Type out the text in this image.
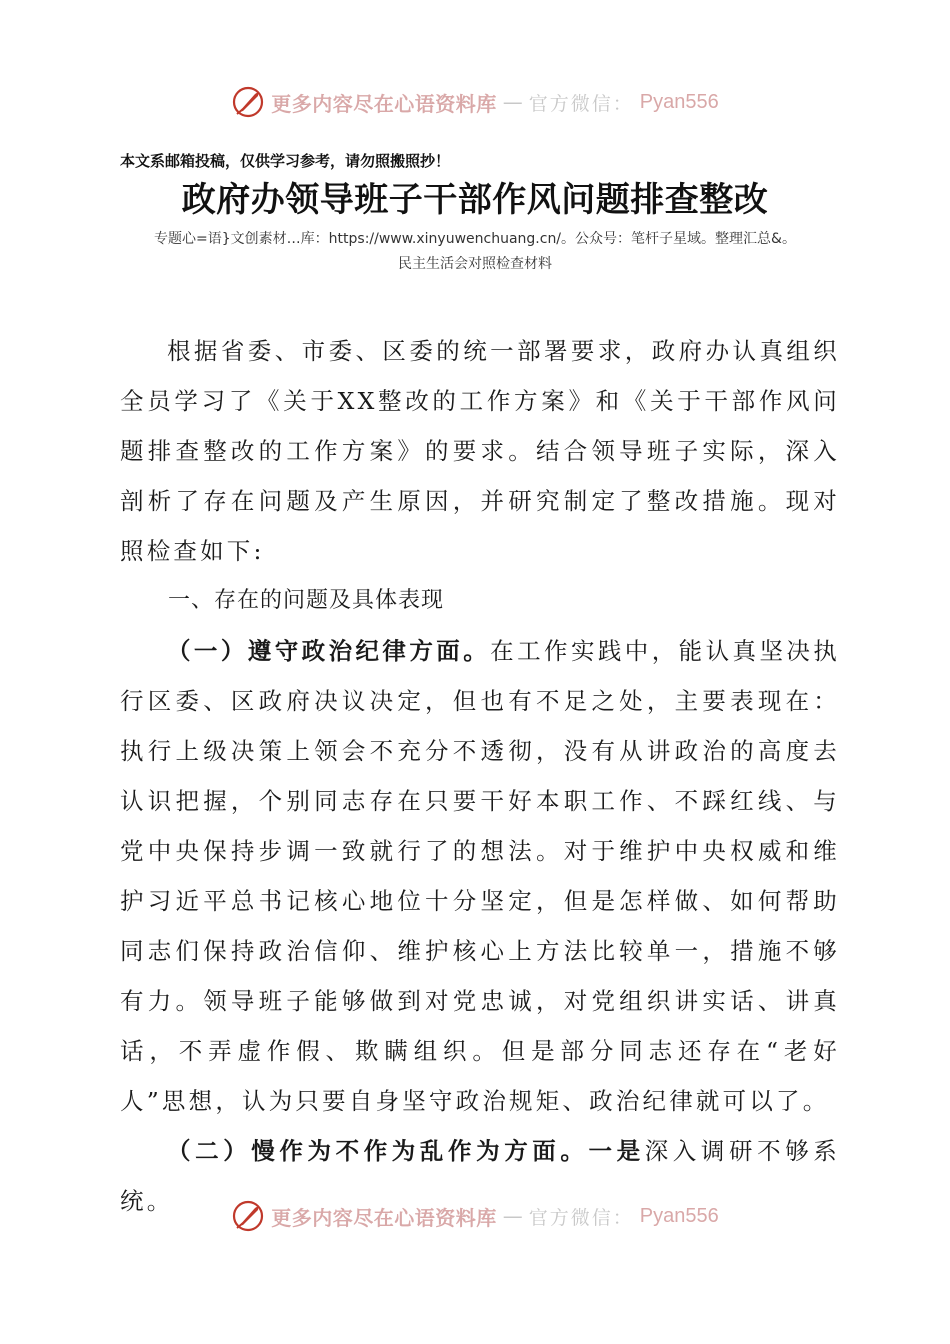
更多内容尽在心语资料库 — 官方微信： Pyan556
本文系邮箱投稿，仅供学习参考，请勿照搬照抄！
政府办领导班子干部作风问题排查整改
专题心=语}文创素材…库：https://www.xinyuwenchuang.cn/。公众号：笔杆子星域。整理汇总&。
民主生活会对照检查材料

根据省委、市委、区委的统一部署要求，政府办认真组织全员学习了《关于XX整改的工作方案》和《关于干部作风问题排查整改的工作方案》的要求。结合领导班子实际，深入剖析了存在问题及产生原因，并研究制定了整改措施。现对照检查如下:

一、存在的问题及具体表现

（一）遵守政治纪律方面。在工作实践中，能认真坚决执行区委、区政府决议决定，但也有不足之处，主要表现在：执行上级决策上领会不充分不透彻，没有从讲政治的高度去认识把握，个别同志存在只要干好本职工作、不踩红线、与党中央保持步调一致就行了的想法。对于维护中央权威和维护习近平总书记核心地位十分坚定，但是怎样做、如何帮助同志们保持政治信仰、维护核心上方法比较单一，措施不够有力。领导班子能够做到对党忠诚，对党组织讲实话、讲真话，不弄虚作假、欺瞒组织。但是部分同志还存在“老好人”思想，认为只要自身坚守政治规矩、政治纪律就可以了。

（二）慢作为不作为乱作为方面。一是深入调研不够系统。

更多内容尽在心语资料库 — 官方微信： Pyan556
